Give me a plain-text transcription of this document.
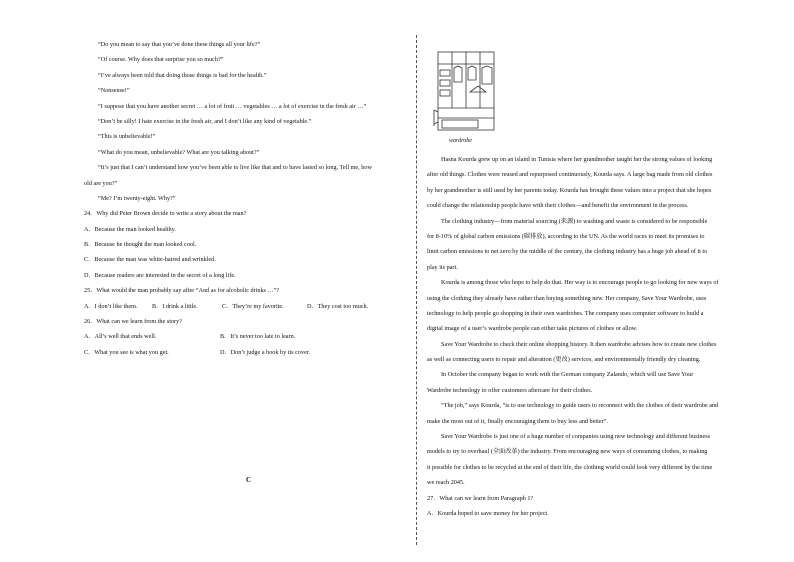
“Do you mean to say that you’ve done these things all your life?”
“Of course. Why does that surprise you so much?”
“I’ve always been told that doing those things is bad for the health.”
“Nonsense!”
“I suppose that you have another secret … a lot of fruit … vegetables … a lot of exercise in the fresh air …”
“Don’t be silly! I hate exercise in the fresh air, and I don’t like any kind of vegetable.”
“This is unbelievable!”
“What do you mean, unbelievable? What are you talking about?”
“It’s just that I can’t understand how you’ve been able to live like that and to have lasted so long. Tell me, how
old are you?”
“Me? I’m twenty-eight. Why?”
24．Why did Peter Brown decide to write a story about the man?
A．Because the man looked healthy.
B．Because he thought the man looked cool.
C．Because the man was white-haired and wrinkled.
D．Because readers are interested in the secret of a long life.
25．What would the man probably say after “And as for alcoholic drinks …”?
A．I don’t like them.	B．I drink a little.	C．They’re my favorite.	D．They cost too much.
26．What can we learn from the story?
A．All’s well that ends well.	B．It’s never too late to learn.
C．What you see is what you get.	D．Don’t judge a book by its cover.
C
wardrobe
Hasna Kourda grew up on an island in Tunisia where her grandmother taught her the strong values of looking
after old things. Clothes were reused and repurposed continuously, Kourda says. A large bag made from old clothes
by her grandmother is still used by her parents today. Kourda has brought these values into a project that she hopes
could change the relationship people have with their clothes—and benefit the environment in the process.
The clothing industry—from material sourcing (来源) to washing and waste is considered to be responsible
for 8-10% of global carbon emissions (碳排放), according to the UN. As the world races to meet its promises to
limit carbon emissions to net zero by the middle of the century, the clothing industry has a huge job ahead of it to
play its part.
Kourda is among those who hope to help do that. Her way is to encourage people to go looking for new ways of
using the clothing they already have rather than buying something new. Her company, Save Your Wardrobe, uses
technology to help people go shopping in their own wardrobes. The company uses computer software to build a
digital image of a user’s wardrobe people can either take pictures of clothes or allow.
Save Your Wardrobe to check their online shopping history. It then wardrobe advises how to create new clothes
as well as connecting users to repair and alteration (更改) services, and environmentally friendly dry cleaning.
In October the company began to work with the German company Zalando, which will use Save Your
Wardrobe technology to offer customers aftercare for their clothes.
“The job,” says Kourda, “is to use technology to guide users to reconnect with the clothes of their wardrobe and
make the most out of it, finally encouraging them to buy less and better”.
Save Your Wardrobe is just one of a huge number of companies using new technology and different business
models to try to overhaul (全面改革) the industry. From encouraging new ways of consuming clothes, to making
it possible for clothes to be recycled at the end of their life, the clothing world could look very different by the time
we reach 2045.
27．What can we learn from Paragraph 1?
A．Kourda hoped to save money for her project.
